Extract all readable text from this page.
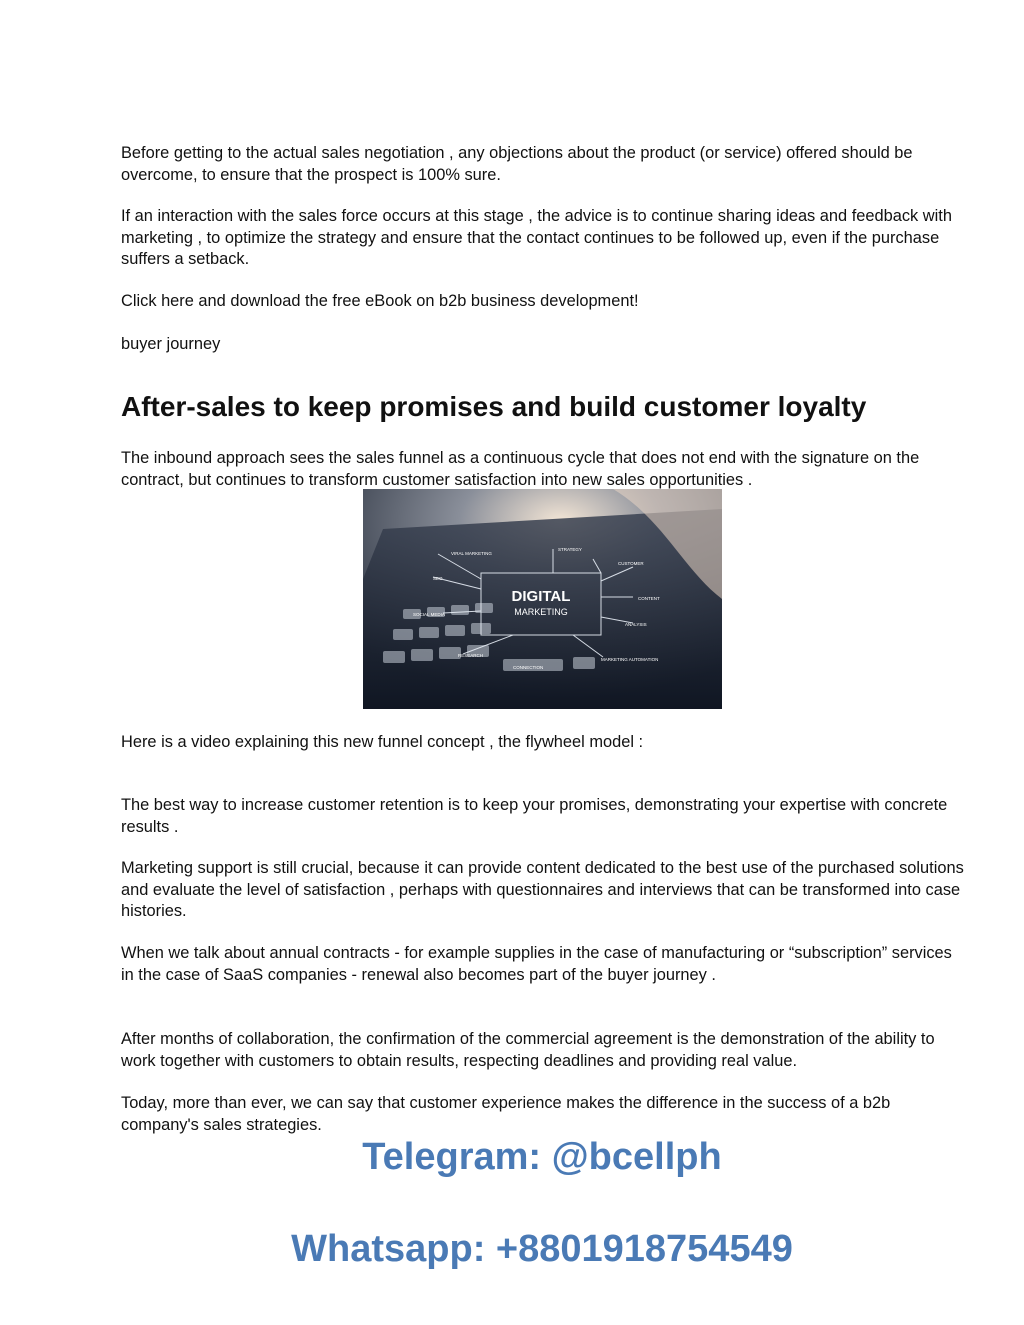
Before getting to the actual sales negotiation , any objections about the product (or service) offered should be overcome, to ensure that the prospect is 100% sure.

If an interaction with the sales force occurs at this stage , the advice is to continue sharing ideas and feedback with marketing , to optimize the strategy and ensure that the contact continues to be followed up, even if the purchase suffers a setback.

Click here and download the free eBook on b2b business development!

buyer journey

After-sales to keep promises and build customer loyalty

The inbound approach sees the sales funnel as a continuous cycle that does not end with the signature on the contract, but continues to transform customer satisfaction into new sales opportunities .

DIGITAL
MARKETING
VIRAL MARKETING
SEO
SOCIAL MEDIA
RESEARCH
CONNECTION
STRATEGY
CUSTOMER
CONTENT
ANALYSIS
MARKETING AUTOMATION

Here is a video explaining this new funnel concept , the flywheel model :

The best way to increase customer retention is to keep your promises, demonstrating your expertise with concrete results .

Marketing support is still crucial, because it can provide content dedicated to the best use of the purchased solutions and evaluate the level of satisfaction , perhaps with questionnaires and interviews that can be transformed into case histories.

When we talk about annual contracts - for example supplies in the case of manufacturing or “subscription” services in the case of SaaS companies - renewal also becomes part of the buyer journey .

After months of collaboration, the confirmation of the commercial agreement is the demonstration of the ability to work together with customers to obtain results, respecting deadlines and providing real value.

Today, more than ever, we can say that customer experience makes the difference in the success of a b2b company's sales strategies.

Telegram: @bcellph

Whatsapp: +8801918754549
